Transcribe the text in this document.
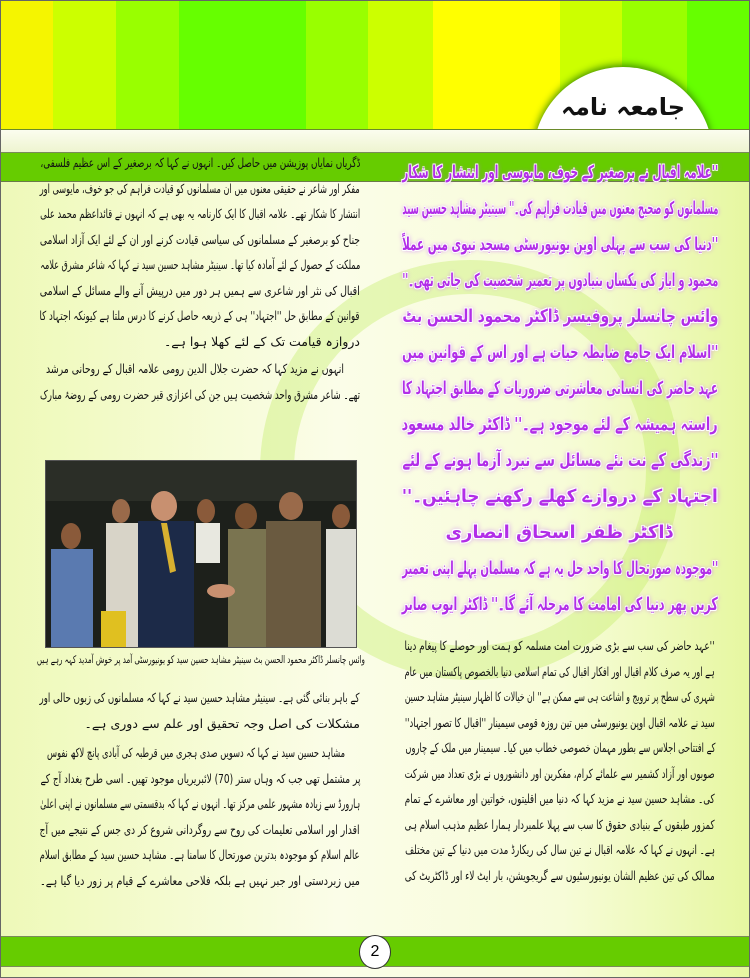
جامعہ نامہ
''علامہ اقبال نے برصغیر کے خوف، مایوسی اور انتشار کا شکار
مسلمانوں کو صحیح معنوں میں قیادت فراہم کی۔'' سینیٹر مشاہد حسین سید
''دنیا کی سب سے پہلی اوپن یونیورسٹی مسجد نبوی میں عملاً
محمود و ایاز کی یکساں بنیادوں پر تعمیر شخصیت کی جاتی تھی۔''
وائس چانسلر پروفیسر ڈاکٹر محمود الحسن بٹ
''اسلام ایک جامع ضابطہ حیات ہے اور اس کے قوانین میں
عہد حاضر کی انسانی معاشرتی ضروریات کے مطابق اجتہاد کا
راستہ ہمیشہ کے لئے موجود ہے۔'' ڈاکٹر خالد مسعود
''زندگی کے نت نئے مسائل سے نبرد آزما ہونے کے لئے
اجتہاد کے دروازے کھلے رکھنے چاہئیں۔''
ڈاکٹر ظفر اسحاق انصاری
''موجودہ صورتحال کا واحد حل یہ ہے کہ مسلمان پہلے اپنی تعمیر
کریں پھر دنیا کی امامت کا مرحلہ آئے گا۔'' ڈاکٹر ایوب صابر
''عہد حاضر کی سب سے بڑی ضرورت امت مسلمہ کو ہمت اور حوصلے کا پیغام دینا
ہے اور یہ صرف کلام اقبال اور افکار اقبال کی تمام اسلامی دنیا بالخصوص پاکستان میں عام
شہری کی سطح پر ترویج و اشاعت ہی سے ممکن ہے'' ان خیالات کا اظہار سینیٹر مشاہد حسین
سید نے علامہ اقبال اوپن یونیورسٹی میں تین روزہ قومی سیمینار ''اقبال کا تصور اجتہاد''
کے افتتاحی اجلاس سے بطور مہمان خصوصی خطاب میں کیا۔ سیمینار میں ملک کے چاروں
صوبوں اور آزاد کشمیر سے علمائے کرام، مفکرین اور دانشوروں نے بڑی تعداد میں شرکت
کی۔ مشاہد حسین سید نے مزید کہا کہ دنیا میں اقلیتوں، خواتین اور معاشرے کے تمام
کمزور طبقوں کے بنیادی حقوق کا سب سے پہلا علمبردار ہمارا عظیم مذہب اسلام ہی
ہے۔ انہوں نے کہا کہ علامہ اقبال نے تین سال کی ریکارڈ مدت میں دنیا کے تین مختلف
ممالک کی تین عظیم الشان یونیورسٹیوں سے گریجویشن، بار ایٹ لاء اور ڈاکٹریٹ کی
ڈگریاں نمایاں پوزیشن میں حاصل کیں۔ انہوں نے کہا کہ برصغیر کے اس عظیم فلسفی،
مفکر اور شاعر نے حقیقی معنوں میں ان مسلمانوں کو قیادت فراہم کی جو خوف، مایوسی اور
انتشار کا شکار تھے۔ علامہ اقبال کا ایک کارنامہ یہ بھی ہے کہ انہوں نے قائداعظم محمد علی
جناح کو برصغیر کے مسلمانوں کی سیاسی قیادت کرنے اور ان کے لئے ایک آزاد اسلامی
مملکت کے حصول کے لئے آمادہ کیا تھا۔ سینیٹر مشاہد حسین سید نے کہا کہ شاعر مشرق علامہ
اقبال کی نثر اور شاعری سے ہمیں ہر دور میں درپیش آنے والے مسائل کے اسلامی
قوانین کے مطابق حل ''اجتہاد'' ہی کے ذریعہ حاصل کرنے کا درس ملتا ہے کیونکہ اجتہاد کا
دروازہ قیامت تک کے لئے کھلا ہوا ہے۔
انہوں نے مزید کہا کہ حضرت جلال الدین رومی علامہ اقبال کے روحانی مرشد
تھے۔ شاعر مشرق واحد شخصیت ہیں جن کی اعزازی قبر حضرت رومی کے روضۂ مبارک
وائس چانسلر ڈاکٹر محمود الحسن بٹ سینیٹر مشاہد حسین سید کو یونیورسٹی آمد پر خوش آمدید کہہ رہے ہیں
کے باہر بنائی گئی ہے۔ سینیٹر مشاہد حسین سید نے کہا کہ مسلمانوں کی زبوں حالی اور
مشکلات کی اصل وجہ تحقیق اور علم سے دوری ہے۔
مشاہد حسین سید نے کہا کہ دسویں صدی ہجری میں قرطبہ کی آبادی پانچ لاکھ نفوس
پر مشتمل تھی جب کہ وہاں ستر (70) لائبریریاں موجود تھیں۔ اسی طرح بغداد آج کے
ہارورڈ سے زیادہ مشہور علمی مرکز تھا۔ انہوں نے کہا کہ بدقسمتی سے مسلمانوں نے اپنی اعلیٰ
اقدار اور اسلامی تعلیمات کی روح سے روگردانی شروع کر دی جس کے نتیجے میں آج
عالم اسلام کو موجودہ بدترین صورتحال کا سامنا ہے۔ مشاہد حسین سید کے مطابق اسلام
میں زبردستی اور جبر نہیں ہے بلکہ فلاحی معاشرے کے قیام پر زور دیا گیا ہے۔
2
